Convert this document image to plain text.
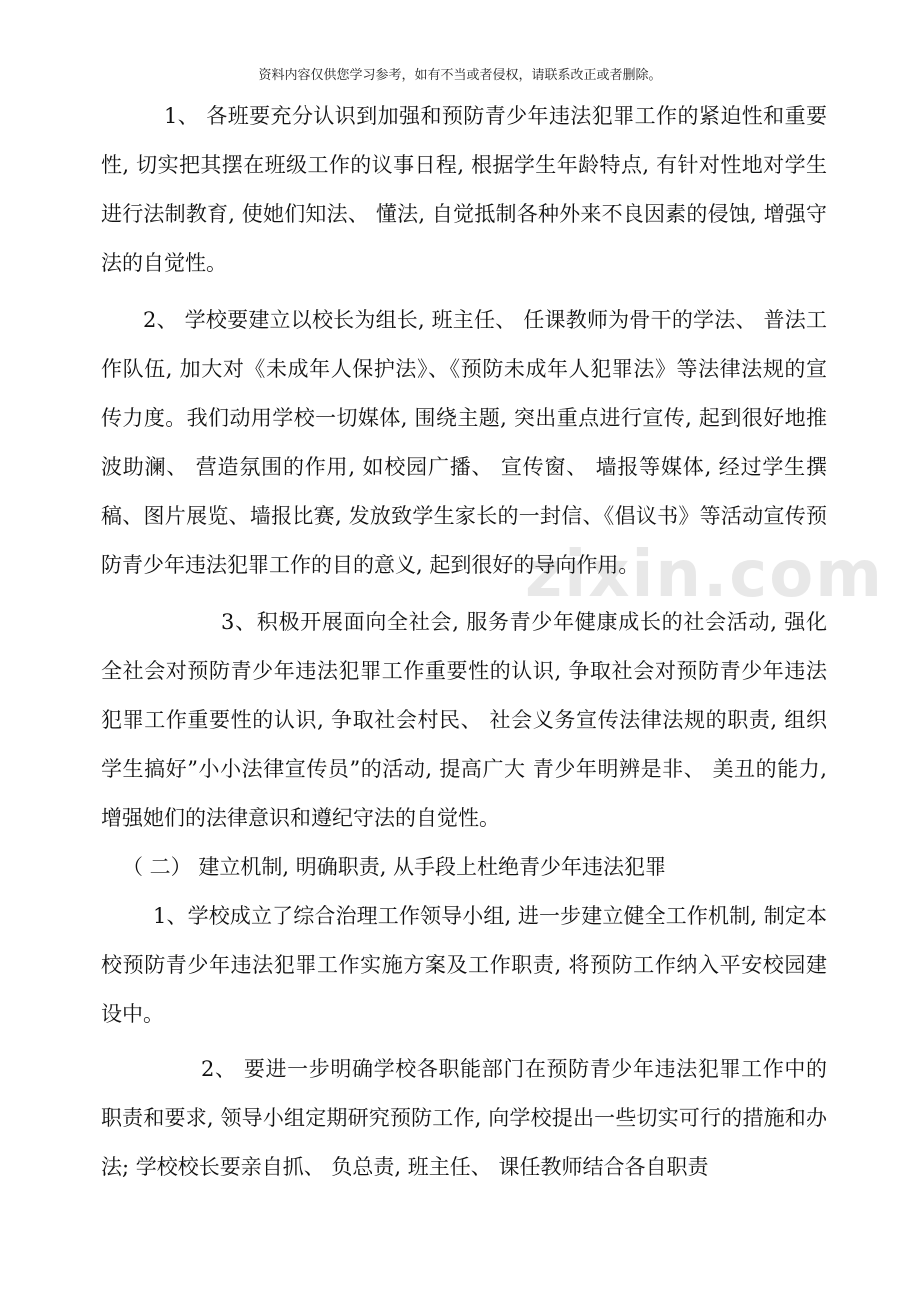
资料内容仅供您学习参考，如有不当或者侵权，请联系改正或者删除。
zixin.com

1、 各班要充分认识到加强和预防青少年违法犯罪工作的紧迫性和重要性, 切实把其摆在班级工作的议事日程, 根据学生年龄特点, 有针对性地对学生进行法制教育, 使她们知法、 懂法, 自觉抵制各种外来不良因素的侵蚀, 增强守法的自觉性。

2、 学校要建立以校长为组长, 班主任、 任课教师为骨干的学法、 普法工作队伍, 加大对《未成年人保护法》、《预防未成年人犯罪法》等法律法规的宣传力度。我们动用学校一切媒体, 围绕主题, 突出重点进行宣传, 起到很好地推波助澜、 营造氛围的作用, 如校园广播、 宣传窗、 墙报等媒体, 经过学生撰稿、图片展览、墙报比赛, 发放致学生家长的一封信、《倡议书》等活动宣传预防青少年违法犯罪工作的目的意义, 起到很好的导向作用。

3、积极开展面向全社会, 服务青少年健康成长的社会活动, 强化全社会对预防青少年违法犯罪工作重要性的认识, 争取社会对预防青少年违法犯罪工作重要性的认识, 争取社会村民、 社会义务宣传法律法规的职责, 组织学生搞好”小小法律宣传员”的活动, 提高广大 青少年明辨是非、 美丑的能力, 增强她们的法律意识和遵纪守法的自觉性。

（ 二） 建立机制, 明确职责, 从手段上杜绝青少年违法犯罪

1、学校成立了综合治理工作领导小组, 进一步建立健全工作机制, 制定本校预防青少年违法犯罪工作实施方案及工作职责, 将预防工作纳入平安校园建设中。

2、 要进一步明确学校各职能部门在预防青少年违法犯罪工作中的职责和要求, 领导小组定期研究预防工作, 向学校提出一些切实可行的措施和办法; 学校校长要亲自抓、 负总责, 班主任、 课任教师结合各自职责
